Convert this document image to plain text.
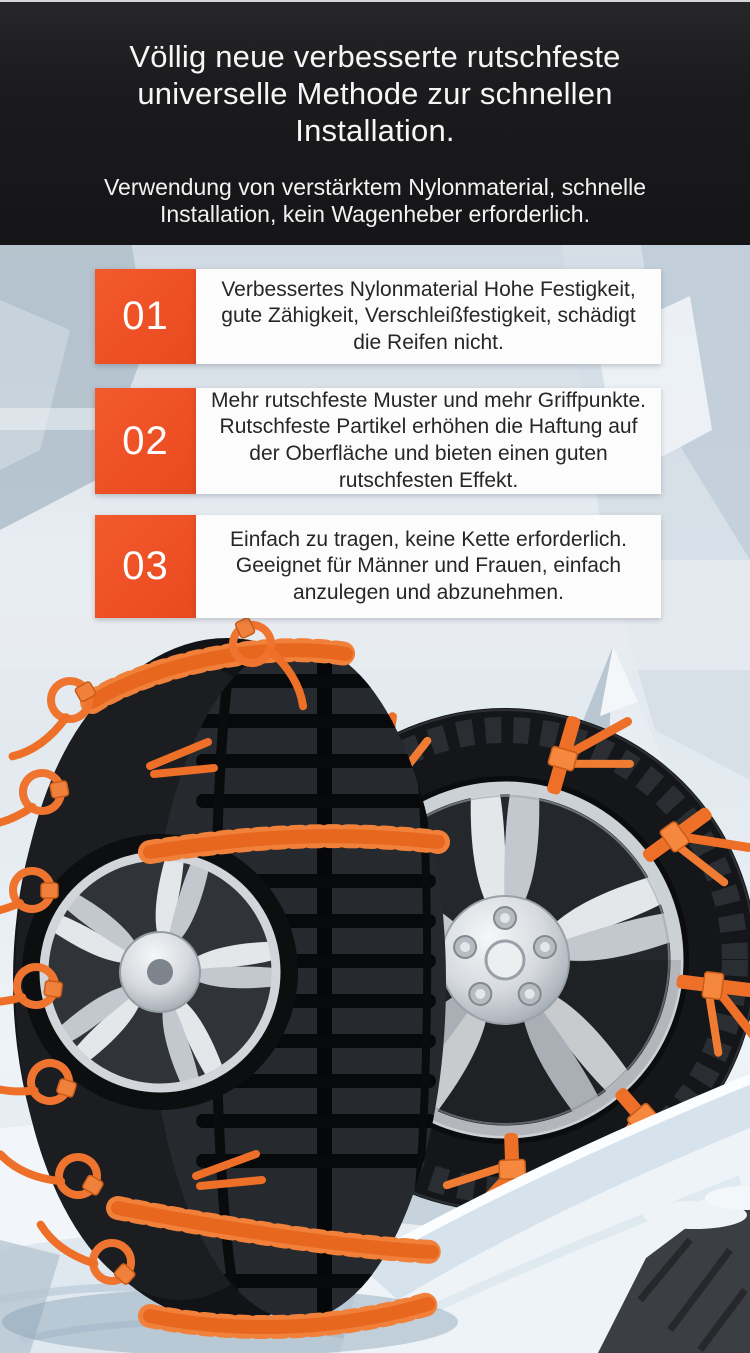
Völlig neue verbesserte rutschfeste
universelle Methode zur schnellen
Installation.
Verwendung von verstärktem Nylonmaterial, schnelle
Installation, kein Wagenheber erforderlich.
01
Verbessertes Nylonmaterial Hohe Festigkeit, gute Zähigkeit, Verschleißfestigkeit, schädigt die Reifen nicht.
02
Mehr rutschfeste Muster und mehr Griffpunkte. Rutschfeste Partikel erhöhen die Haftung auf der Oberfläche und bieten einen guten rutschfesten Effekt.
03
Einfach zu tragen, keine Kette erforderlich. Geeignet für Männer und Frauen, einfach anzulegen und abzunehmen.
